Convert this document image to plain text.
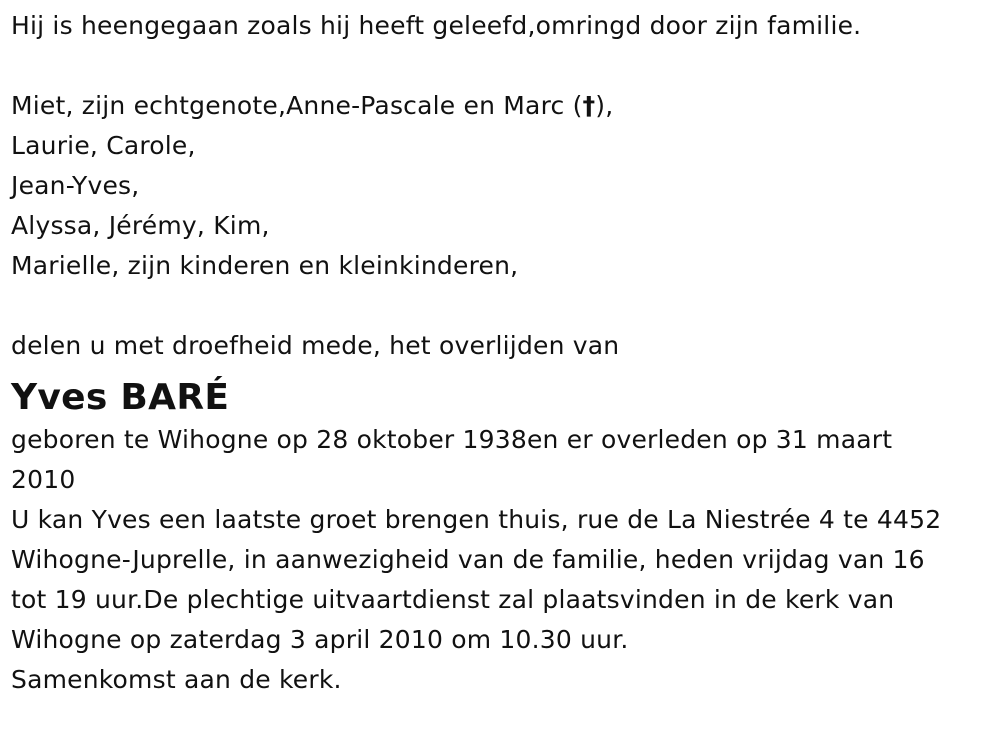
Hij is heengegaan zoals hij heeft geleefd,omringd door zijn familie.
Miet, zijn echtgenote,Anne-Pascale en Marc (†),
Laurie, Carole,
Jean-Yves,
Alyssa, Jérémy, Kim,
Marielle, zijn kinderen en kleinkinderen,
delen u met droefheid mede, het overlijden van
Yves BARÉ
geboren te Wihogne op 28 oktober 1938en er overleden op 31 maart
2010
U kan Yves een laatste groet brengen thuis, rue de La Niestrée 4 te 4452
Wihogne-Juprelle, in aanwezigheid van de familie, heden vrijdag van 16
tot 19 uur.De plechtige uitvaartdienst zal plaatsvinden in de kerk van
Wihogne op zaterdag 3 april 2010 om 10.30 uur.
Samenkomst aan de kerk.
